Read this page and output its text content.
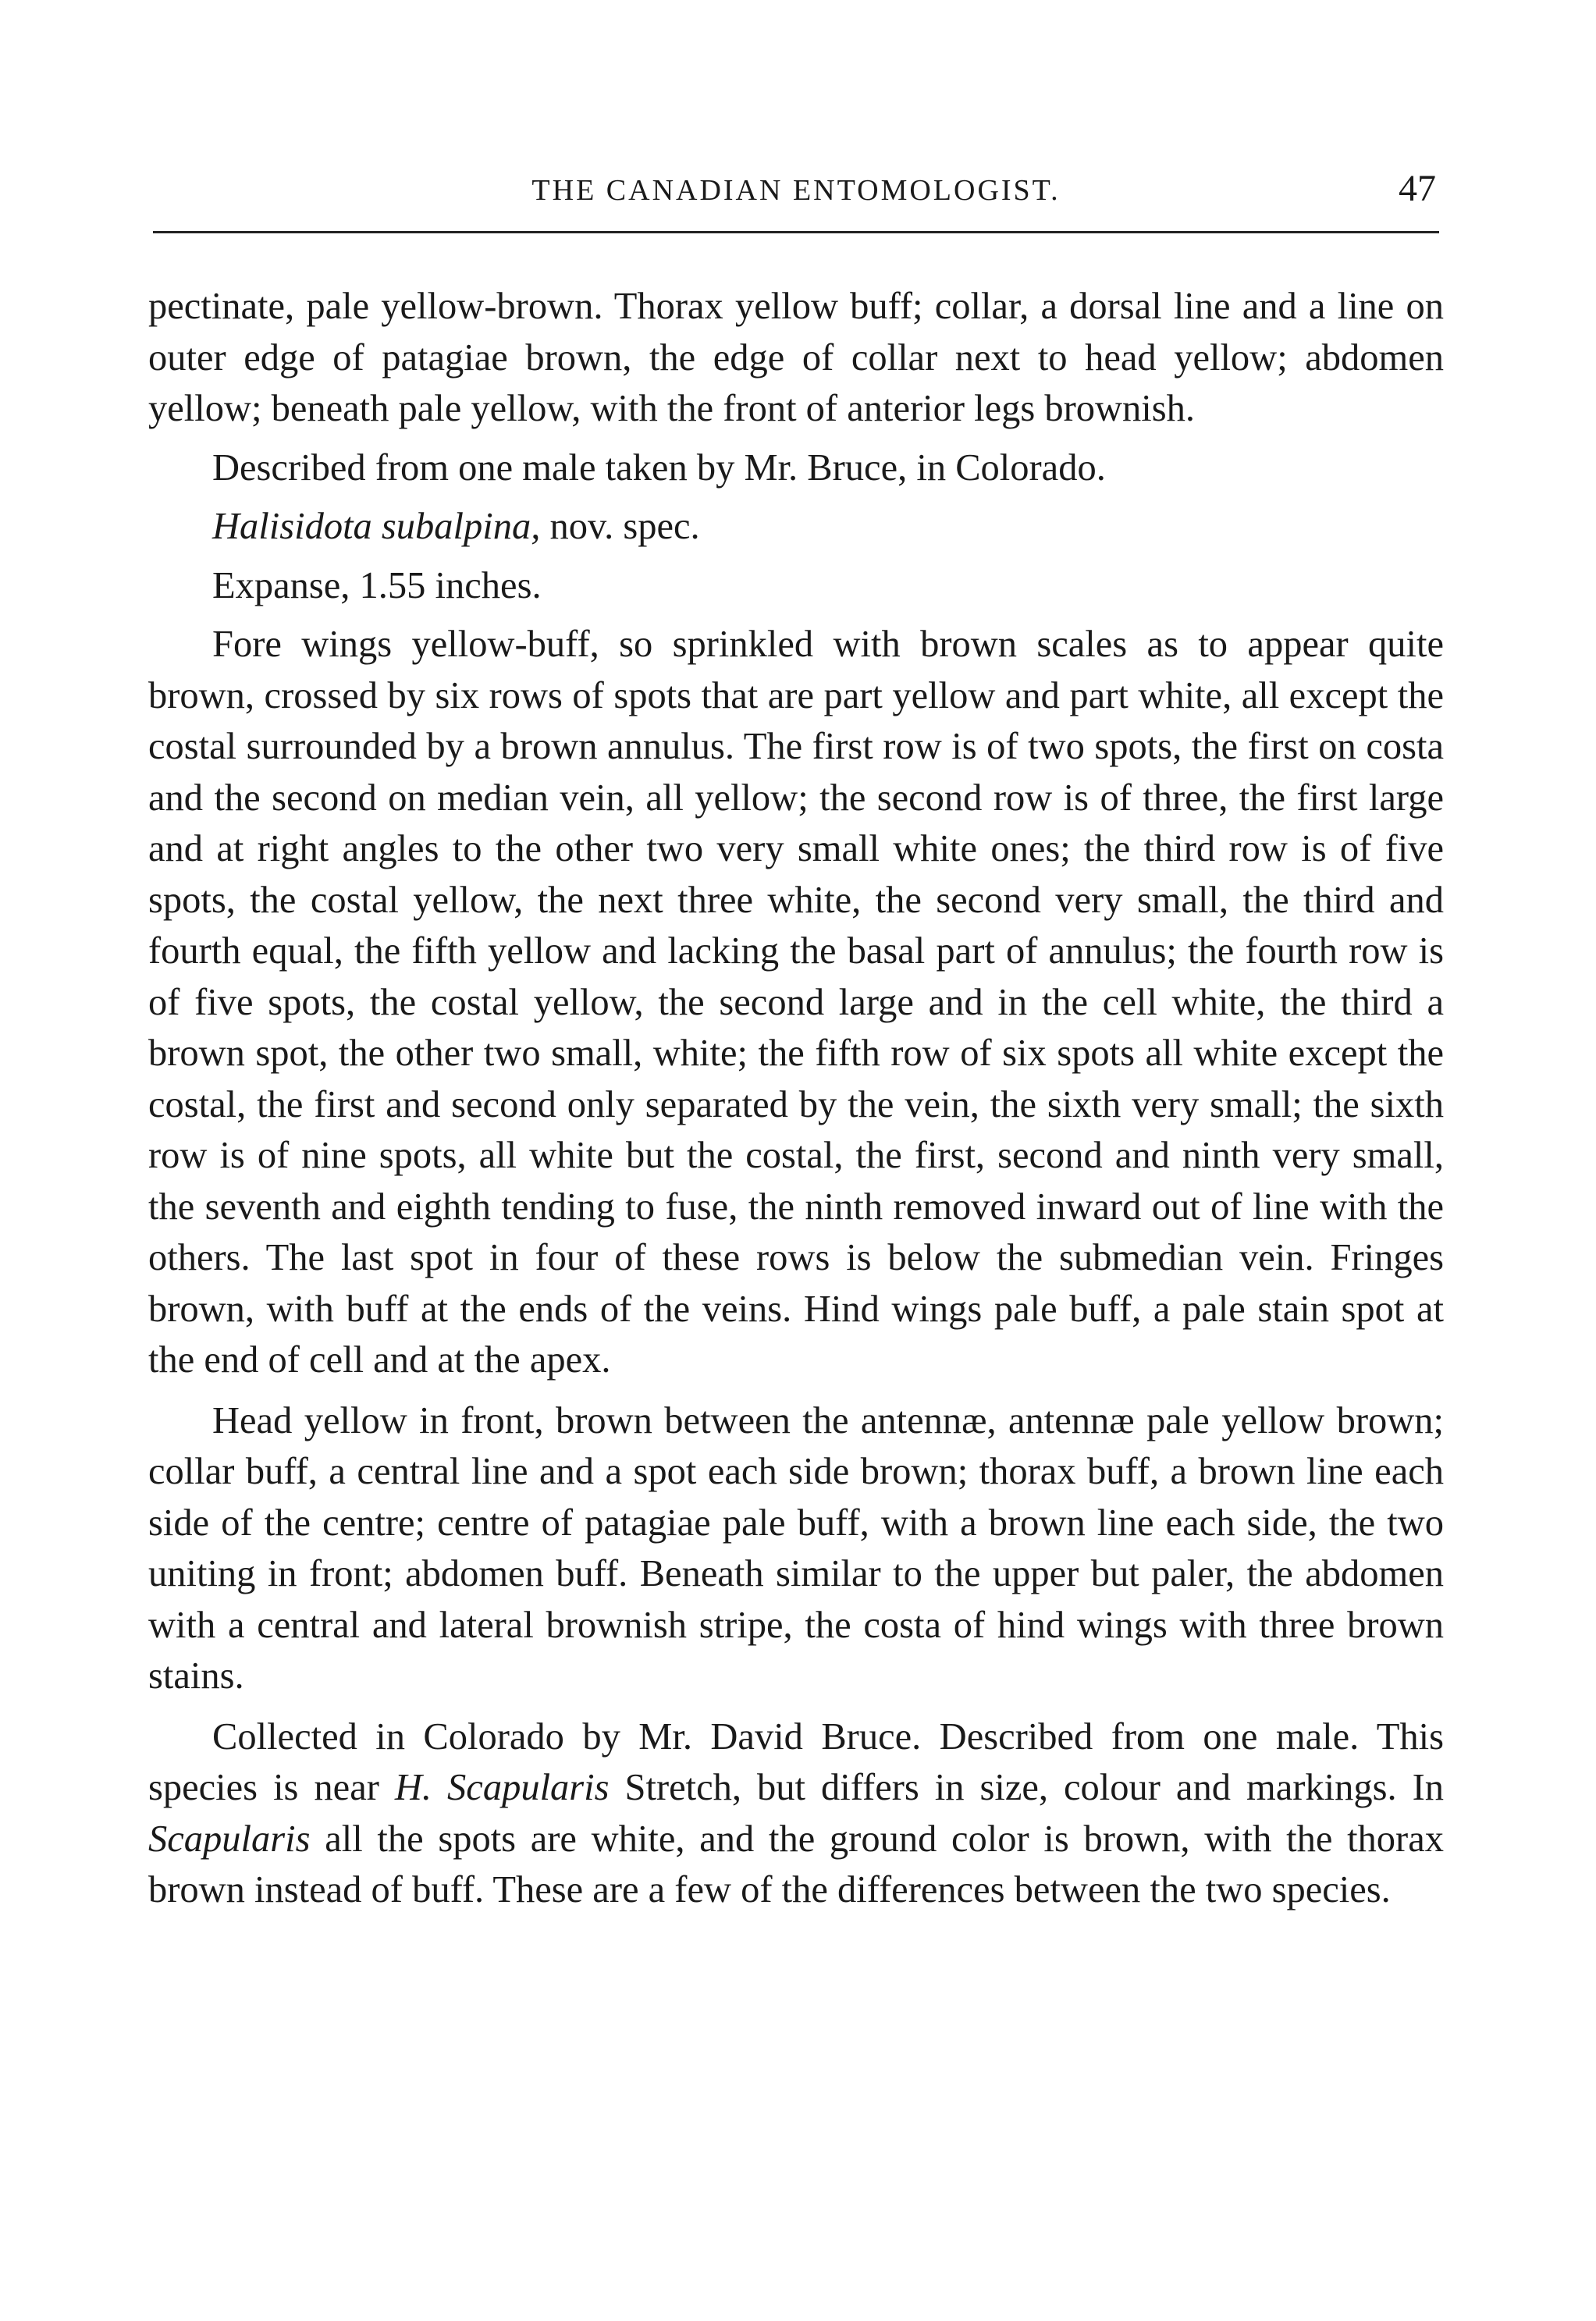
THE CANADIAN ENTOMOLOGIST.	47

pectinate, pale yellow-brown. Thorax yellow buff; collar, a dorsal line and a line on outer edge of patagiae brown, the edge of collar next to head yellow; abdomen yellow; beneath pale yellow, with the front of anterior legs brownish.

Described from one male taken by Mr. Bruce, in Colorado.

Halisidota subalpina, nov. spec.

Expanse, 1.55 inches.

Fore wings yellow-buff, so sprinkled with brown scales as to appear quite brown, crossed by six rows of spots that are part yellow and part white, all except the costal surrounded by a brown annulus. The first row is of two spots, the first on costa and the second on median vein, all yellow; the second row is of three, the first large and at right angles to the other two very small white ones; the third row is of five spots, the costal yellow, the next three white, the second very small, the third and fourth equal, the fifth yellow and lacking the basal part of annulus; the fourth row is of five spots, the costal yellow, the second large and in the cell white, the third a brown spot, the other two small, white; the fifth row of six spots all white except the costal, the first and second only separated by the vein, the sixth very small; the sixth row is of nine spots, all white but the costal, the first, second and ninth very small, the seventh and eighth tending to fuse, the ninth removed inward out of line with the others. The last spot in four of these rows is below the submedian vein. Fringes brown, with buff at the ends of the veins. Hind wings pale buff, a pale stain spot at the end of cell and at the apex.

Head yellow in front, brown between the antennæ, antennæ pale yellow brown; collar buff, a central line and a spot each side brown; thorax buff, a brown line each side of the centre; centre of patagiae pale buff, with a brown line each side, the two uniting in front; abdomen buff. Beneath similar to the upper but paler, the abdomen with a central and lateral brownish stripe, the costa of hind wings with three brown stains.

Collected in Colorado by Mr. David Bruce. Described from one male. This species is near H. Scapularis Stretch, but differs in size, colour and markings. In Scapularis all the spots are white, and the ground color is brown, with the thorax brown instead of buff. These are a few of the differences between the two species.
